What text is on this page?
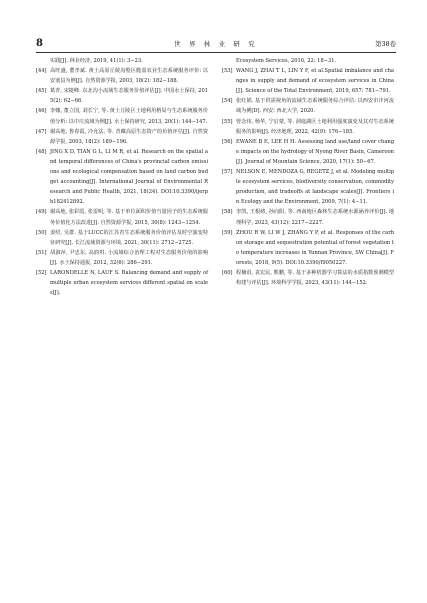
8	世 界 林 业 研 究	第38卷

实践[J]. 林业经济, 2019, 41(1): 3−23.

[44] 高旺盛, 董孝斌. 黄土高原丘陵沟壑区脆弱农业生态系统服务评价: 以安塞县为例[J]. 自然资源学报, 2003, 18(2): 182−188.

[45] 葛青, 宋捷峰. 东北沟小流域生态服务价值评估[J]. 中国水土保持, 2015(2): 62−66.

[46] 李娜, 董立国, 刘长宁, 等. 黄土丘陵区土地利用格局与生态系统服务价值分析: 以中庄流域为例[J]. 水土保持研究, 2013, 20(1): 144−147.

[47] 谢高地, 鲁春霞, 冷允法, 等. 青藏高原生态资产的价值评估[J]. 自然资源学报, 2003, 18(2): 189−196.

[48] JING X D, TIAN G L, LI M R, et al. Research on the spatial and temporal differences of China's provincial carbon emissions and ecological compensation based on land carbon budget accounting[J]. International Journal of Environmental Research and Public Health, 2021, 18(24). DOI:10.3390/ijerph182412892.

[49] 谢高地, 张彩霞, 张雷明, 等. 基于单位面积价值当量因子的生态系统服务价值化方法改进[J]. 自然资源学报, 2015, 30(8): 1243−1254.

[50] 姜绍, 吴群. 基于LUCC的江苏省生态系统服务价值评估及时空演变特征研究[J]. 长江流域资源与环境, 2021, 30(11): 2712−2725.

[51] 胡淑萍, 尹忠东, 高润琪. 小流域综合治理工程对生态服务价值的影响[J]. 水土保持通报, 2012, 32(6): 286−291.

[52] LARONDELLE N, LAUF S. Balancing demand and supply of multiple urban ecosystem services different spatial on scales[J].

Ecosystem Services, 2016, 22: 18−31.

[53] WANG J, ZHAI T L, LIN Y F, et al.Spatial imbalance and changes in supply and demand of ecosystem services in China[J]. Science of the Total Environment, 2019, 657: 781−791.

[54] 张红娟. 基于供需视角的流域生态系统服务综合评估: 以西安市沣河流域为例[D]. 西安: 西北大学, 2020.

[55] 曾念伟, 杨华, 宁启蒙, 等. 洞庭湖区土地利用强度演变及其对生态系统服务的影响[J]. 经济地理, 2022, 42(9): 176−185.

[56] EWANE B E, LEE H H. Assessing land use/land cover change impacts on the hydrology of Nyong River Basin, Cameroon[J]. Journal of Mountain Science, 2020, 17(1): 50−67.

[57] NELSON E, MENDOZA G, REGETZ J, et al. Modeling multiple ecosystem services, biodiversity conservation, commodity production, and tradeoffs at landscape scales[J]. Frontiers in Ecology and the Environment, 2009, 7(1): 4−11.

[58] 李凯, 王根绪, 孙向阳, 等. 西南地区森林生态系统水源涵养评价[J]. 地理科学, 2023, 43(12): 2217−2227.

[59] ZHOU R W, LI W J, ZHANG Y P, et al. Responses of the carbon storage and sequestration potential of forest vegetation to temperature increases in Yunnan Province, SW China[J]. Forests, 2018, 9(5). DOI:10.3390/f9050227.

[60] 程楠涓, 袁宏民, 熊鹏, 等. 基于多种机器学习算法的水质指数预测模型构建与评估[J]. 环境科学学报, 2023, 43(11): 144−152.
